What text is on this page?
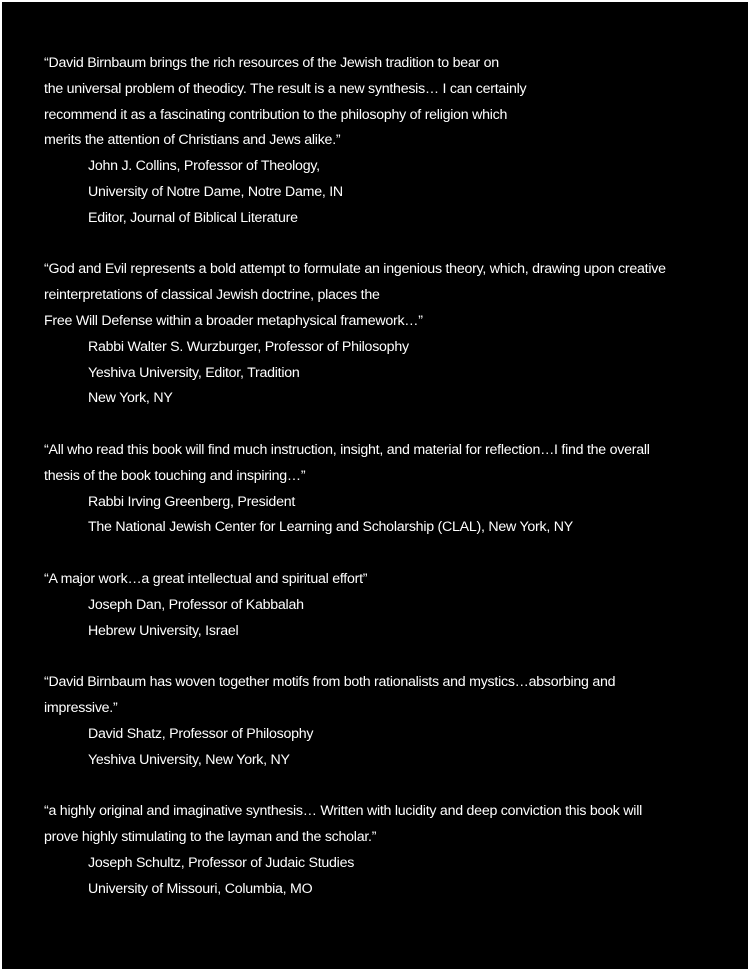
“David Birnbaum brings the rich resources of the Jewish tradition to bear on
the universal problem of theodicy. The result is a new synthesis… I can certainly
recommend it as a fascinating contribution to the philosophy of religion which
merits the attention of Christians and Jews alike.”
John J. Collins, Professor of Theology,
University of Notre Dame, Notre Dame, IN
Editor, Journal of Biblical Literature
“God and Evil represents a bold attempt to formulate an ingenious theory, which, drawing upon creative
reinterpretations of classical Jewish doctrine, places the
Free Will Defense within a broader metaphysical framework…”
Rabbi Walter S. Wurzburger, Professor of Philosophy
Yeshiva University, Editor, Tradition
New York, NY
“All who read this book will find much instruction, insight, and material for reflection…I find the overall
thesis of the book touching and inspiring…”
Rabbi Irving Greenberg, President
The National Jewish Center for Learning and Scholarship (CLAL), New York, NY
“A major work…a great intellectual and spiritual effort”
Joseph Dan, Professor of Kabbalah
Hebrew University, Israel
“David Birnbaum has woven together motifs from both rationalists and mystics…absorbing and
impressive.”
David Shatz, Professor of Philosophy
Yeshiva University, New York, NY
“a highly original and imaginative synthesis… Written with lucidity and deep conviction this book will
prove highly stimulating to the layman and the scholar.”
Joseph Schultz, Professor of Judaic Studies
University of Missouri, Columbia, MO
